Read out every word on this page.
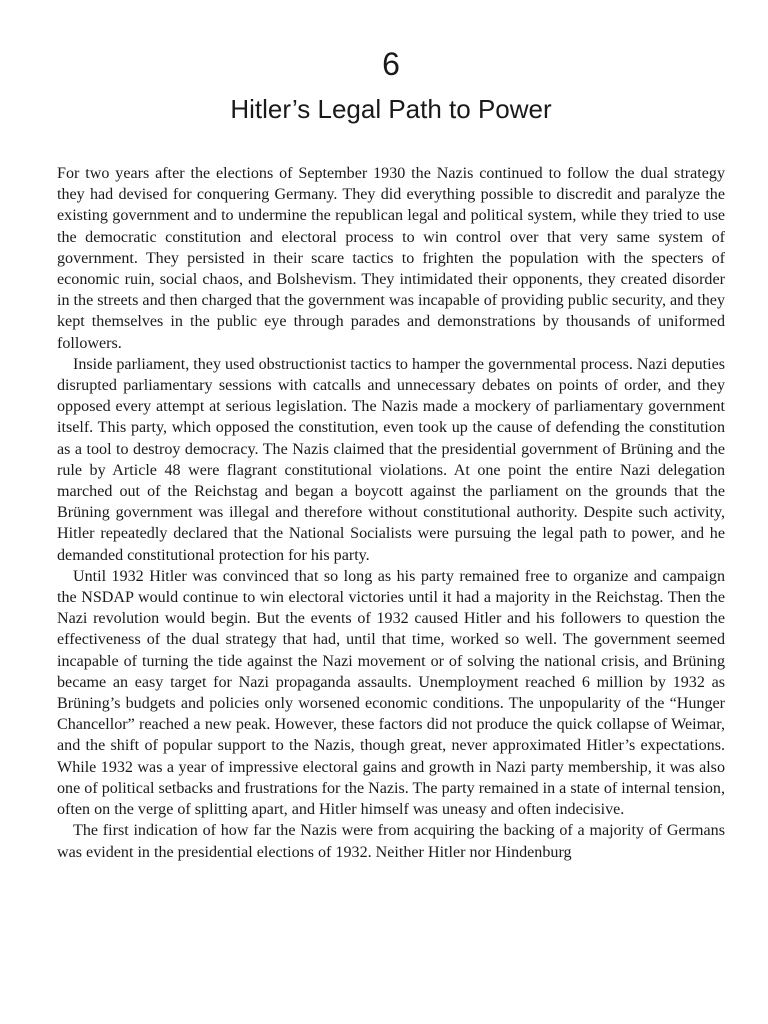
6
Hitler’s Legal Path to Power

For two years after the elections of September 1930 the Nazis continued to follow the dual strategy they had devised for conquering Germany. They did everything possible to discredit and paralyze the existing government and to undermine the republican legal and political system, while they tried to use the democratic constitution and electoral process to win control over that very same system of government. They persisted in their scare tactics to frighten the population with the specters of economic ruin, social chaos, and Bolshevism. They intimidated their opponents, they created disorder in the streets and then charged that the government was incapable of providing public security, and they kept themselves in the public eye through parades and demonstrations by thousands of uniformed followers.

Inside parliament, they used obstructionist tactics to hamper the governmental process. Nazi deputies disrupted parliamentary sessions with catcalls and unnecessary debates on points of order, and they opposed every attempt at serious legislation. The Nazis made a mockery of parliamentary government itself. This party, which opposed the constitution, even took up the cause of defending the constitution as a tool to destroy democracy. The Nazis claimed that the presidential government of Brüning and the rule by Article 48 were flagrant constitutional violations. At one point the entire Nazi delegation marched out of the Reichstag and began a boycott against the parliament on the grounds that the Brüning government was illegal and therefore without constitutional authority. Despite such activity, Hitler repeatedly declared that the National Socialists were pursuing the legal path to power, and he demanded constitutional protection for his party.

Until 1932 Hitler was convinced that so long as his party remained free to organize and campaign the NSDAP would continue to win electoral victories until it had a majority in the Reichstag. Then the Nazi revolution would begin. But the events of 1932 caused Hitler and his followers to question the effectiveness of the dual strategy that had, until that time, worked so well. The government seemed incapable of turning the tide against the Nazi movement or of solving the national crisis, and Brüning became an easy target for Nazi propaganda assaults. Unemployment reached 6 million by 1932 as Brüning’s budgets and policies only worsened economic conditions. The unpopularity of the “Hunger Chancellor” reached a new peak. However, these factors did not produce the quick collapse of Weimar, and the shift of popular support to the Nazis, though great, never approximated Hitler’s expectations. While 1932 was a year of impressive electoral gains and growth in Nazi party membership, it was also one of political setbacks and frustrations for the Nazis. The party remained in a state of internal tension, often on the verge of splitting apart, and Hitler himself was uneasy and often indecisive.

The first indication of how far the Nazis were from acquiring the backing of a majority of Germans was evident in the presidential elections of 1932. Neither Hitler nor Hindenburg
